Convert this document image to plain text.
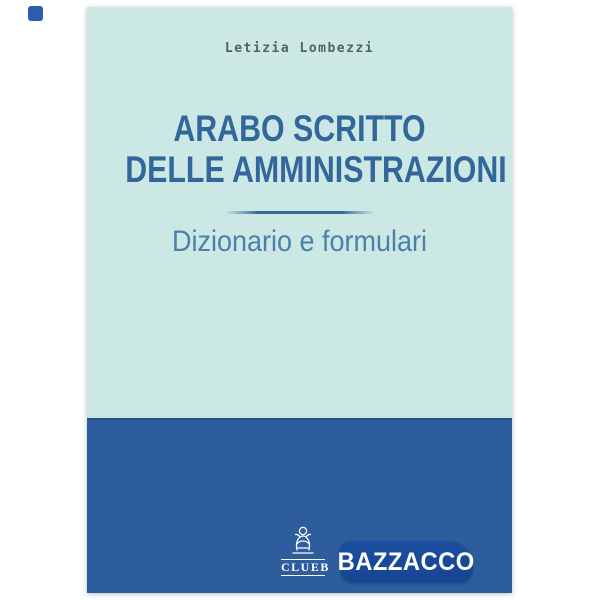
Letizia Lombezzi
ARABO SCRITTO
DELLE AMMINISTRAZIONI
Dizionario e formulari
CLUEB BAZZACCO
